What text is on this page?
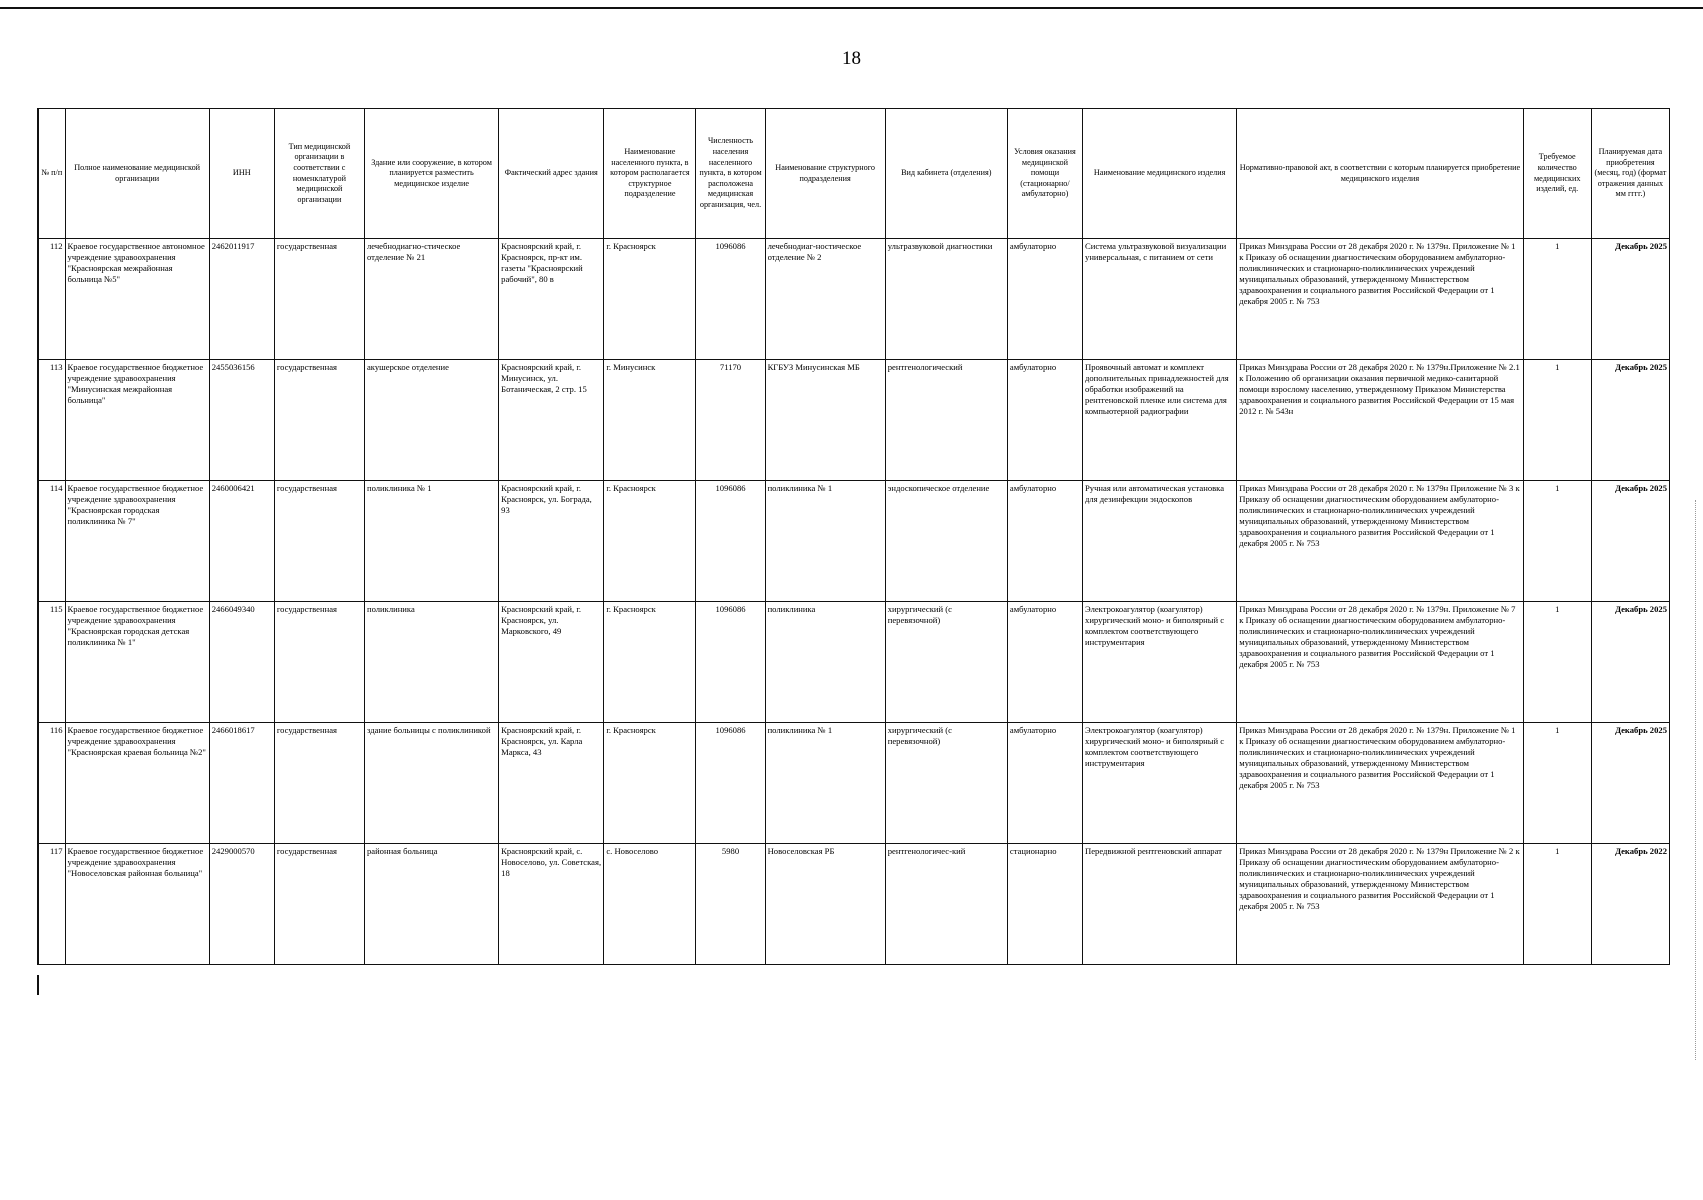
18
№ п/п	Полное наименование медицинской организации	ИНН	Тип медицинской организации в соответствии с номенклатурой медицинской организации	Здание или сооружение, в котором планируется разместить медицинское изделие	Фактический адрес здания	Наименование населенного пункта, в котором располагается структурное подразделение	Численность населения населенного пункта, в котором расположена медицинская организация, чел.	Наименование структурного подразделения	Вид кабинета (отделения)	Условия оказания медицинской помощи (стационарно/ амбулаторно)	Наименование медицинского изделия	Нормативно-правовой акт, в соответствии с которым планируется приобретение медицинского изделия	Требуемое количество медицинских изделий, ед.	Планируемая дата приобретения (месяц, год) (формат отражения данных мм гггг.)
112	Краевое государственное автономное учреждение здравоохранения "Красноярская межрайонная больница №5"	2462011917	государственная	лечебнодиагно-стическое отделение № 21	Красноярский край, г. Красноярск, пр-кт им. газеты "Красноярский рабочий", 80 в	г. Красноярск	1096086	лечебнодиаг-ностическое отделение № 2	ультразвуковой диагностики	амбулаторно	Система ультразвуковой визуализации универсальная, с питанием от сети	Приказ Минздрава России от 28 декабря 2020 г. № 1379н. Приложение № 1 к Приказу об оснащении диагностическим оборудованием амбулаторно-поликлинических и стационарно-поликлинических учреждений муниципальных образований, утвержденному Министерством здравоохранения и социального развития Российской Федерации от 1 декабря 2005 г. № 753	1	Декабрь 2025
113	Краевое государственное бюджетное учреждение здравоохранения "Минусинская межрайонная больница"	2455036156	государственная	акушерское отделение	Красноярский край, г. Минусинск, ул. Ботаническая, 2 стр. 15	г. Минусинск	71170	КГБУЗ Минусинская МБ	рентгенологический	амбулаторно	Проявочный автомат и комплект дополнительных принадлежностей для обработки изображений на рентгеновской пленке или система для компьютерной радиографии	Приказ Минздрава России от 28 декабря 2020 г. № 1379н.Приложение № 2.1 к Положению об организации оказания первичной медико-санитарной помощи взрослому населению, утвержденному Приказом Министерства здравоохранения и социального развития Российской Федерации от 15 мая 2012 г. № 543н	1	Декабрь 2025
114	Краевое государственное бюджетное учреждение здравоохранения "Красноярская городская поликлиника № 7"	2460006421	государственная	поликлиника № 1	Красноярский край, г. Красноярск, ул. Бограда, 93	г. Красноярск	1096086	поликлиника № 1	эндоскопическое отделение	амбулаторно	Ручная или автоматическая установка для дезинфекции эндоскопов	Приказ Минздрава России от 28 декабря 2020 г. № 1379н Приложение № 3 к Приказу об оснащении диагностическим оборудованием амбулаторно-поликлинических и стационарно-поликлинических учреждений муниципальных образований, утвержденному Министерством здравоохранения и социального развития Российской Федерации от 1 декабря 2005 г. № 753	1	Декабрь 2025
115	Краевое государственное бюджетное учреждение здравоохранения "Красноярская городская детская поликлиника № 1"	2466049340	государственная	поликлиника	Красноярский край, г. Красноярск, ул. Марковского, 49	г. Красноярск	1096086	поликлиника	хирургический (с перевязочной)	амбулаторно	Электрокоагулятор (коагулятор) хирургический моно- и биполярный с комплектом соответствующего инструментария	Приказ Минздрава России от 28 декабря 2020 г. № 1379н. Приложение № 7 к Приказу об оснащении диагностическим оборудованием амбулаторно-поликлинических и стационарно-поликлинических учреждений муниципальных образований, утвержденному Министерством здравоохранения и социального развития Российской Федерации от 1 декабря 2005 г. № 753	1	Декабрь 2025
116	Краевое государственное бюджетное учреждение здравоохранения "Красноярская краевая больница №2"	2466018617	государственная	здание больницы с поликлиникой	Красноярский край, г. Красноярск, ул. Карла Маркса, 43	г. Красноярск	1096086	поликлиника № 1	хирургический (с перевязочной)	амбулаторно	Электрокоагулятор (коагулятор) хирургический моно- и биполярный с комплектом соответствующего инструментария	Приказ Минздрава России от 28 декабря 2020 г. № 1379н. Приложение № 1 к Приказу об оснащении диагностическим оборудованием амбулаторно-поликлинических и стационарно-поликлинических учреждений муниципальных образований, утвержденному Министерством здравоохранения и социального развития Российской Федерации от 1 декабря 2005 г. № 753	1	Декабрь 2025
117	Краевое государственное бюджетное учреждение здравоохранения "Новоселовская районная больница"	2429000570	государственная	районная больница	Красноярский край, с. Новоселово, ул. Советская, 18	с. Новоселово	5980	Новоселовская РБ	рентгенологичес-кий	стационарно	Передвижной рентгеновский аппарат	Приказ Минздрава России от 28 декабря 2020 г. № 1379н Приложение № 2 к Приказу об оснащении диагностическим оборудованием амбулаторно-поликлинических и стационарно-поликлинических учреждений муниципальных образований, утвержденному Министерством здравоохранения и социального развития Российской Федерации от 1 декабря 2005 г. № 753	1	Декабрь 2022
